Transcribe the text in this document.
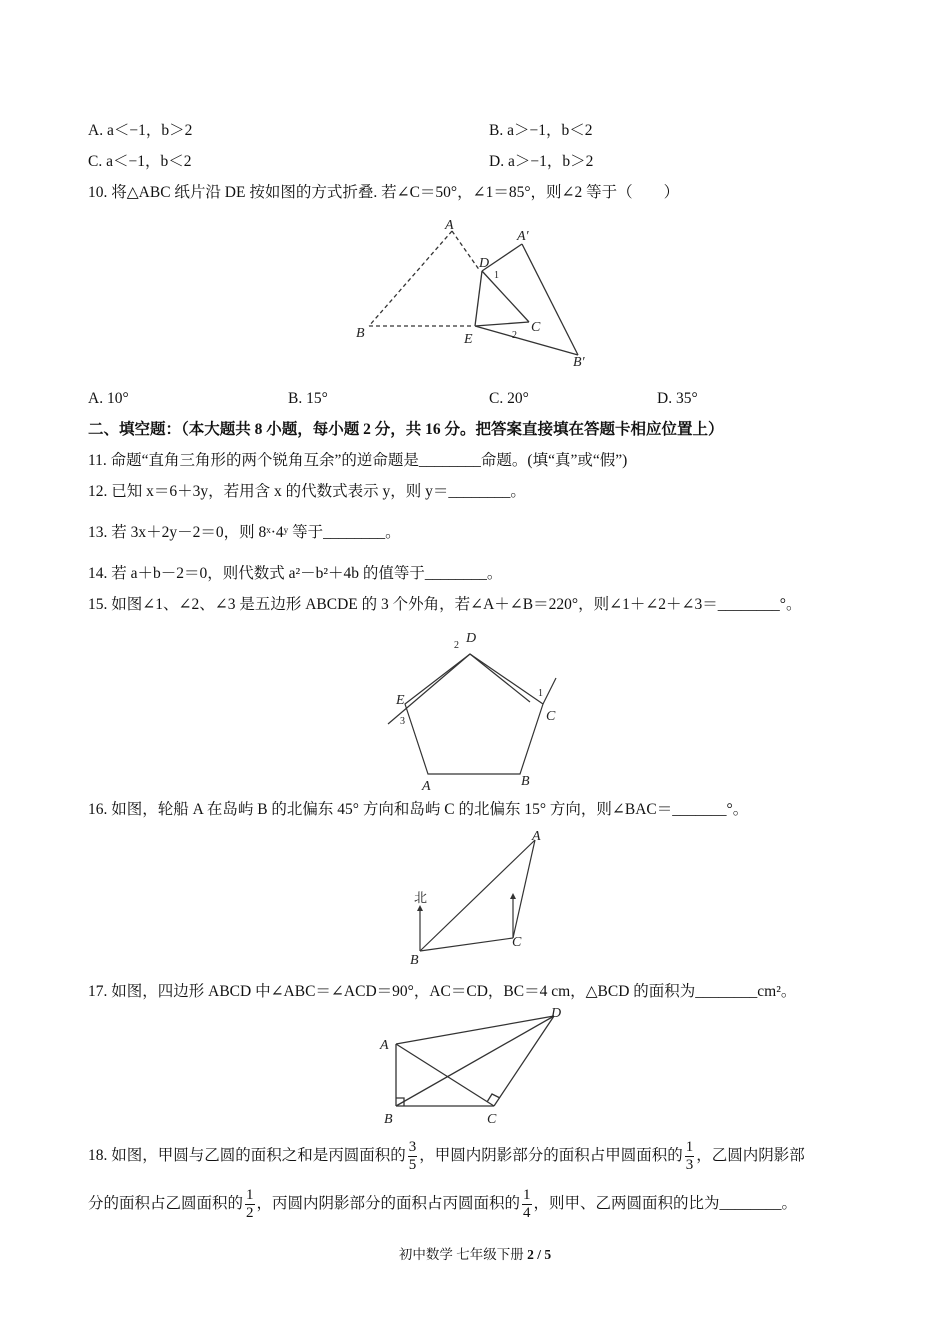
A. a＜−1，b＞2	B. a＞−1，b＜2
C. a＜−1，b＜2	D. a＞−1，b＞2
10. 将△ABC 纸片沿 DE 按如图的方式折叠. 若∠C＝50°，∠1＝85°，则∠2 等于（　　）
A
A′
D
1
B	E	2
C
B′
A. 10°	B. 15°	C. 20°	D. 35°
二、填空题：（本大题共 8 小题，每小题 2 分，共 16 分。把答案直接填在答题卡相应位置上）
11. 命题“直角三角形的两个锐角互余”的逆命题是________命题。(填“真”或“假”)
12. 已知 x＝6＋3y，若用含 x 的代数式表示 y，则 y＝________。
13. 若 3x＋2y－2＝0，则 8ˣ·4ʸ 等于________。
14. 若 a＋b－2＝0，则代数式 a²－b²＋4b 的值等于________。
15. 如图∠1、∠2、∠3 是五边形 ABCDE 的 3 个外角，若∠A＋∠B＝220°，则∠1＋∠2＋∠3＝________°。
2 D
1
E
C
3
A	B
16. 如图，轮船 A 在岛屿 B 的北偏东 45° 方向和岛屿 C 的北偏东 15° 方向，则∠BAC＝_______°。
A
北
C
B
17. 如图，四边形 ABCD 中∠ABC＝∠ACD＝90°，AC＝CD，BC＝4 cm，△BCD 的面积为________cm²。
D
A
B	C
18. 如图，甲圆与乙圆的面积之和是丙圆面积的 $\frac{3}{5}$ ，甲圆内阴影部分的面积占甲圆面积的 $\frac{1}{3}$ ，乙圆内阴影部
分的面积占乙圆面积的 $\frac{1}{2}$ ，丙圆内阴影部分的面积占丙圆面积的 $\frac{1}{4}$ ，则甲、乙两圆面积的比为________。
初中数学 七年级下册 2 / 5
